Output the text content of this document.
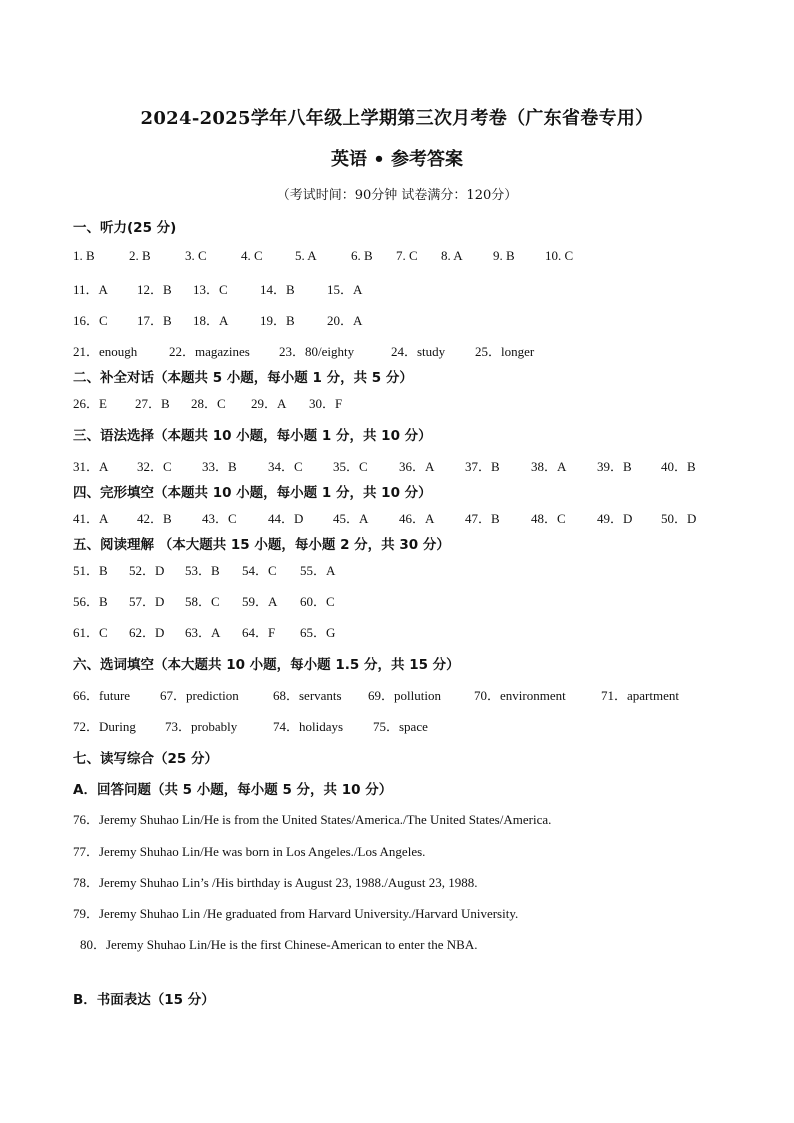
2024-2025学年八年级上学期第三次月考卷（广东省卷专用）
英语 • 参考答案
（考试时间：90分钟 试卷满分：120分）
一、听力(25 分)
1. B	2. B	3. C	4. C 5. A	6. B 7. C 8. A 9. B 10. C
11．A 12．B 13．C 14．B 15．A
16．C 17．B 18．A 19．B 20．A
21．enough 22．magazines 23．80/eighty	24．study 25．longer
二、补全对话（本题共 5 小题，每小题 1 分，共 5 分）
26．E 27．B 28．C 29．A 30．F
三、语法选择（本题共 10 小题，每小题 1 分，共 10 分）
31．A 32．C 33．B 34．C 35．C 36．A 37．B 38．A 39．B 40．B
四、完形填空（本题共 10 小题，每小题 1 分，共 10 分）
41．A 42．B 43．C 44．D 45．A 46．A 47．B 48．C 49．D 50．D
五、阅读理解 （本大题共 15 小题，每小题 2 分，共 30 分）
51．B 52．D 53．B 54．C 55．A
56．B 57．D 58．C 59．A 60．C
61．C 62．D 63．A 64．F 65．G
六、选词填空（本大题共 10 小题，每小题 1.5 分，共 15 分）
66．future 67．prediction	68．servants 69．pollution	70．environment	71．apartment
72．During 73．probably	74．holidays 75．space
七、读写综合（25 分）
A．回答问题（共 5 小题，每小题 5 分，共 10 分）
76．Jeremy Shuhao Lin/He is from the United States/America./The United States/America.
77．Jeremy Shuhao Lin/He was born in Los Angeles./Los Angeles.
78．Jeremy Shuhao Lin’s /His birthday is August 23, 1988./August 23, 1988.
79．Jeremy Shuhao Lin /He graduated from Harvard University./Harvard University.
80．Jeremy Shuhao Lin/He is the first Chinese-American to enter the NBA.
B．书面表达（15 分）
